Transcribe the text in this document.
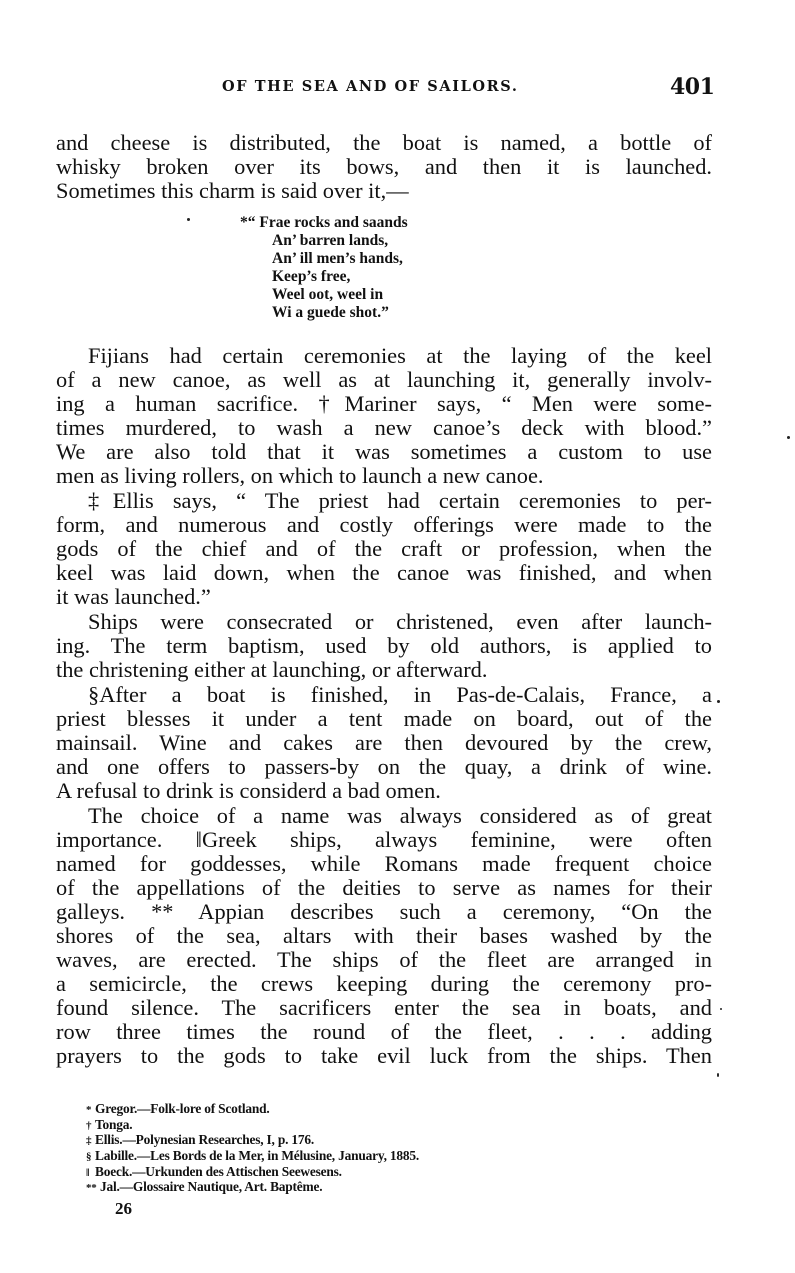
OF THE SEA AND OF SAILORS.	401
and cheese is distributed, the boat is named, a bottle of
whisky broken over its bows, and then it is launched.
Sometimes this charm is said over it,—
*“ Frae rocks and saands
An’ barren lands,
An’ ill men’s hands,
Keep’s free,
Weel oot, weel in
Wi a guede shot.”
Fijians had certain ceremonies at the laying of the keel
of a new canoe, as well as at launching it, generally involv-
ing a human sacrifice. †Mariner says, “ Men were some-
times murdered, to wash a new canoe’s deck with blood.”
We are also told that it was sometimes a custom to use
men as living rollers, on which to launch a new canoe.
‡Ellis says, “ The priest had certain ceremonies to per-
form, and numerous and costly offerings were made to the
gods of the chief and of the craft or profession, when the
keel was laid down, when the canoe was finished, and when
it was launched.”
Ships were consecrated or christened, even after launch-
ing. The term baptism, used by old authors, is applied to
the christening either at launching, or afterward.
§After a boat is finished, in Pas-de-Calais, France, a
priest blesses it under a tent made on board, out of the
mainsail. Wine and cakes are then devoured by the crew,
and one offers to passers-by on the quay, a drink of wine.
A refusal to drink is considerd a bad omen.
The choice of a name was always considered as of great
importance. ‖Greek ships, always feminine, were often
named for goddesses, while Romans made frequent choice
of the appellations of the deities to serve as names for their
galleys. ** Appian describes such a ceremony, “On the
shores of the sea, altars with their bases washed by the
waves, are erected. The ships of the fleet are arranged in
a semicircle, the crews keeping during the ceremony pro-
found silence. The sacrificers enter the sea in boats, and
row three times the round of the fleet, . . . adding
prayers to the gods to take evil luck from the ships. Then
* Gregor.—Folk-lore of Scotland.
† Tonga.
‡ Ellis.—Polynesian Researches, I, p. 176.
§ Labille.—Les Bords de la Mer, in Mélusine, January, 1885.
‖ Boeck.—Urkunden des Attischen Seewesens.
** Jal.—Glossaire Nautique, Art. Baptême.
26
